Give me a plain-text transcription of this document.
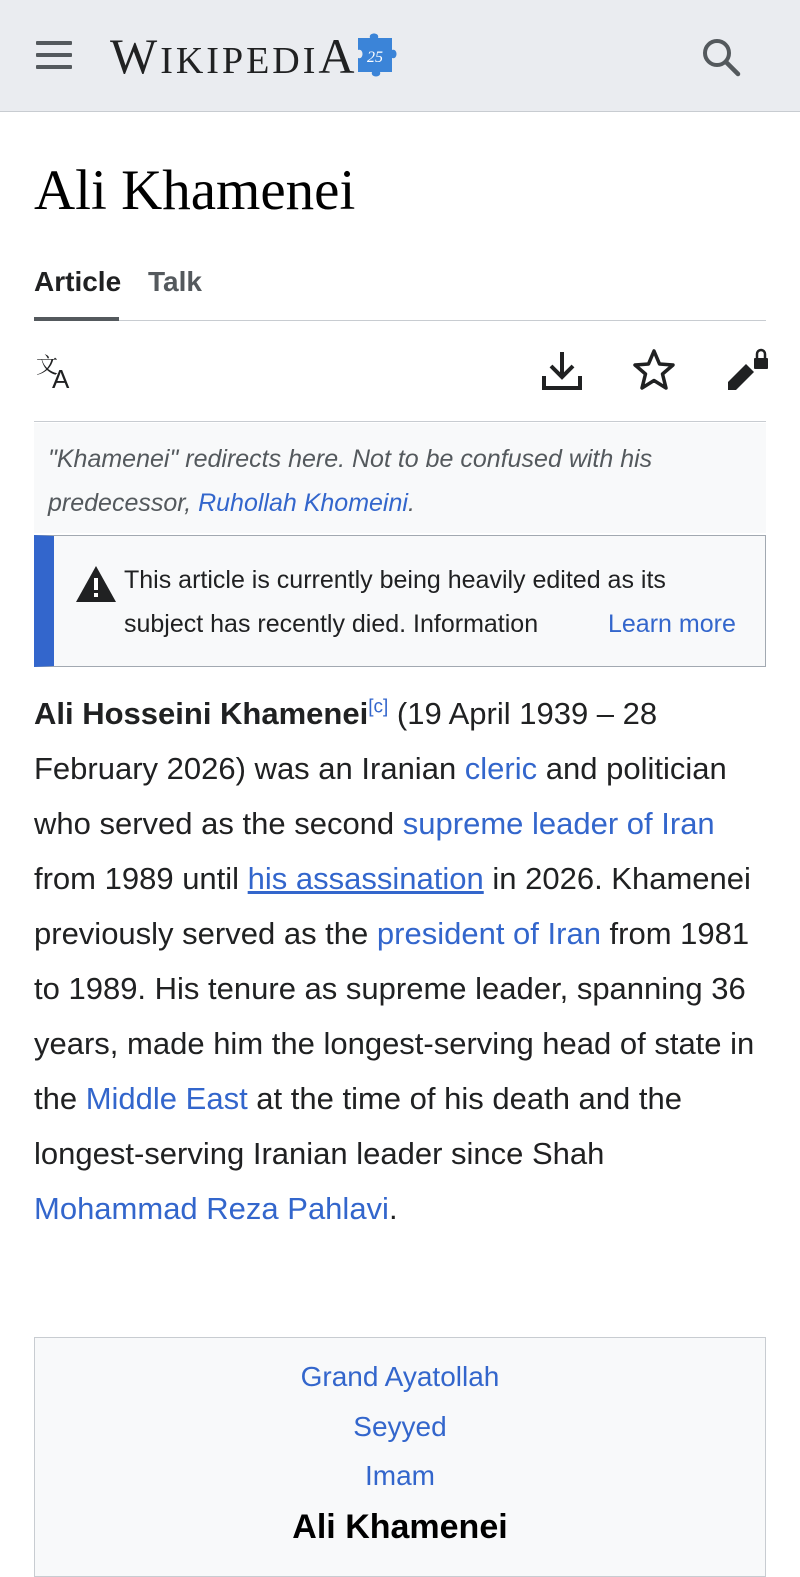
WIKIPEDIA 25
Ali Khamenei
Article Talk
文
A
"Khamenei" redirects here. Not to be confused with his
predecessor, Ruhollah Khomeini.
This article is currently being heavily edited as its
subject has recently died. Information	Learn more

Ali Hosseini Khamenei[c] (19 April 1939 – 28 February 2026) was an Iranian cleric and politician who served as the second supreme leader of Iran from 1989 until his assassination in 2026. Khamenei previously served as the president of Iran from 1981 to 1989. His tenure as supreme leader, spanning 36 years, made him the longest-serving head of state in the Middle East at the time of his death and the longest-serving Iranian leader since Shah Mohammad Reza Pahlavi.

Grand Ayatollah
Seyyed
Imam
Ali Khamenei
